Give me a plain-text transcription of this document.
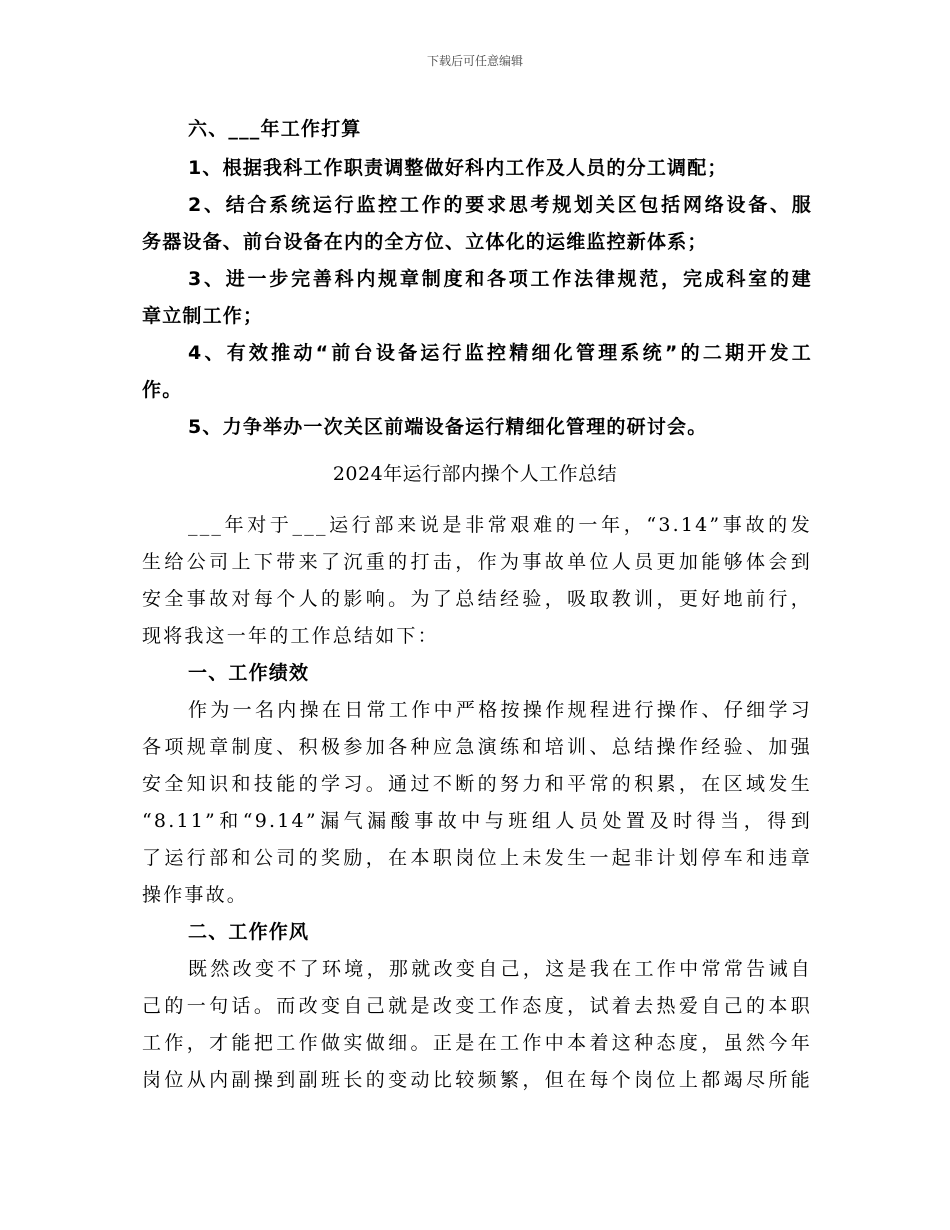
下载后可任意编辑
六、___年工作打算
1、根据我科工作职责调整做好科内工作及人员的分工调配；
2、结合系统运行监控工作的要求思考规划关区包括网络设备、服
务器设备、前台设备在内的全方位、立体化的运维监控新体系；
3、进一步完善科内规章制度和各项工作法律规范，完成科室的建
章立制工作；
4、有效推动“前台设备运行监控精细化管理系统”的二期开发工
作。
5、力争举办一次关区前端设备运行精细化管理的研讨会。
2024年运行部内操个人工作总结
___年对于___运行部来说是非常艰难的一年，“3.14”事故的发
生给公司上下带来了沉重的打击，作为事故单位人员更加能够体会到
安全事故对每个人的影响。为了总结经验，吸取教训，更好地前行，
现将我这一年的工作总结如下：
一、工作绩效
作为一名内操在日常工作中严格按操作规程进行操作、仔细学习
各项规章制度、积极参加各种应急演练和培训、总结操作经验、加强
安全知识和技能的学习。通过不断的努力和平常的积累，在区域发生
“8.11”和“9.14”漏气漏酸事故中与班组人员处置及时得当，得到
了运行部和公司的奖励，在本职岗位上未发生一起非计划停车和违章
操作事故。
二、工作作风
既然改变不了环境，那就改变自己，这是我在工作中常常告诫自
己的一句话。而改变自己就是改变工作态度，试着去热爱自己的本职
工作，才能把工作做实做细。正是在工作中本着这种态度，虽然今年
岗位从内副操到副班长的变动比较频繁，但在每个岗位上都竭尽所能
